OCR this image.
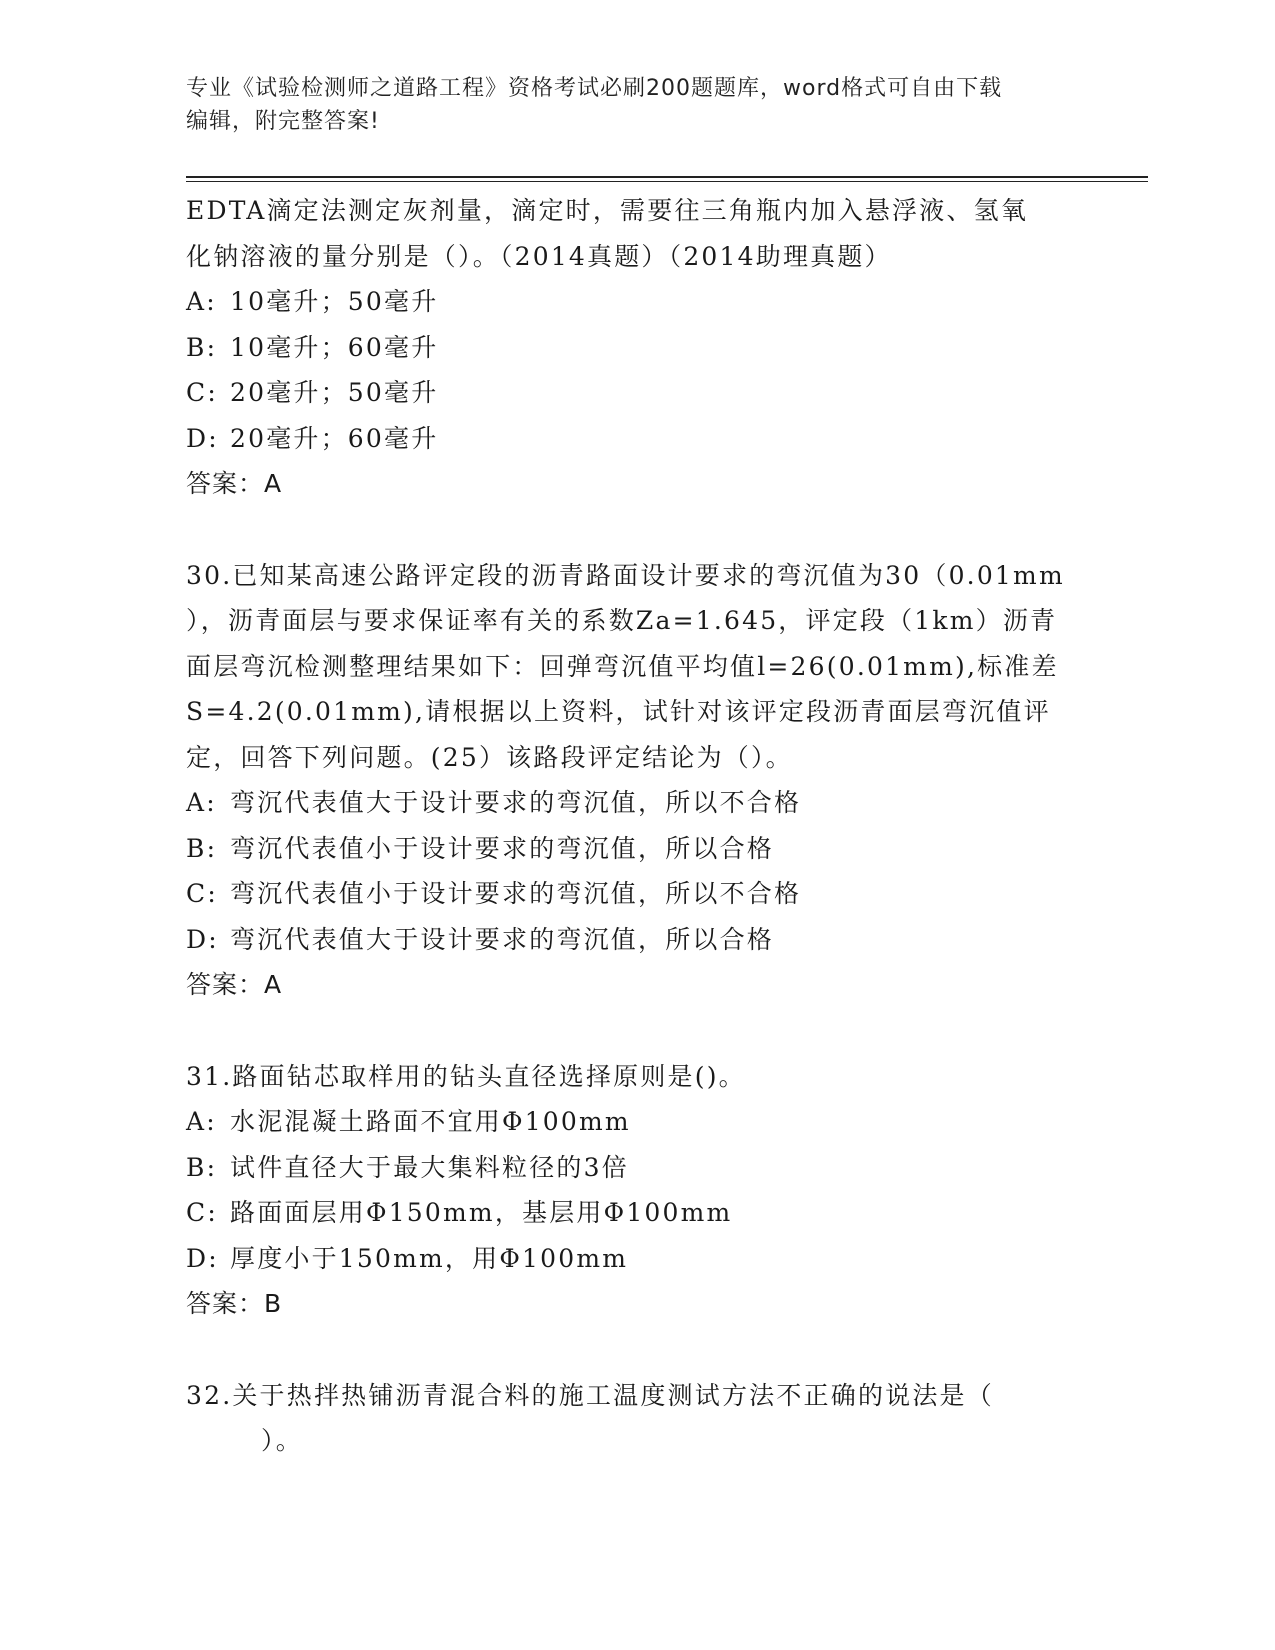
专业《试验检测师之道路工程》资格考试必刷200题题库，word格式可自由下载
编辑，附完整答案!

EDTA滴定法测定灰剂量，滴定时，需要往三角瓶内加入悬浮液、氢氧

化钠溶液的量分别是（）。（2014真题）（2014助理真题）

A: 10毫升；50毫升

B: 10毫升；60毫升

C: 20毫升；50毫升

D: 20毫升；60毫升

答案：A

30.已知某高速公路评定段的沥青路面设计要求的弯沉值为30（0.01mm

），沥青面层与要求保证率有关的系数Za=1.645，评定段（1km）沥青

面层弯沉检测整理结果如下：回弹弯沉值平均值l=26(0.01mm),标准差

S=4.2(0.01mm),请根据以上资料，试针对该评定段沥青面层弯沉值评

定，回答下列问题。(25）该路段评定结论为（）。

A: 弯沉代表值大于设计要求的弯沉值，所以不合格

B: 弯沉代表值小于设计要求的弯沉值，所以合格

C: 弯沉代表值小于设计要求的弯沉值，所以不合格

D: 弯沉代表值大于设计要求的弯沉值，所以合格

答案：A

31.路面钻芯取样用的钻头直径选择原则是()。

A: 水泥混凝土路面不宜用Φ100mm

B: 试件直径大于最大集料粒径的3倍

C: 路面面层用Φ150mm，基层用Φ100mm

D: 厚度小于150mm，用Φ100mm

答案：B

32.关于热拌热铺沥青混合料的施工温度测试方法不正确的说法是（

）。
